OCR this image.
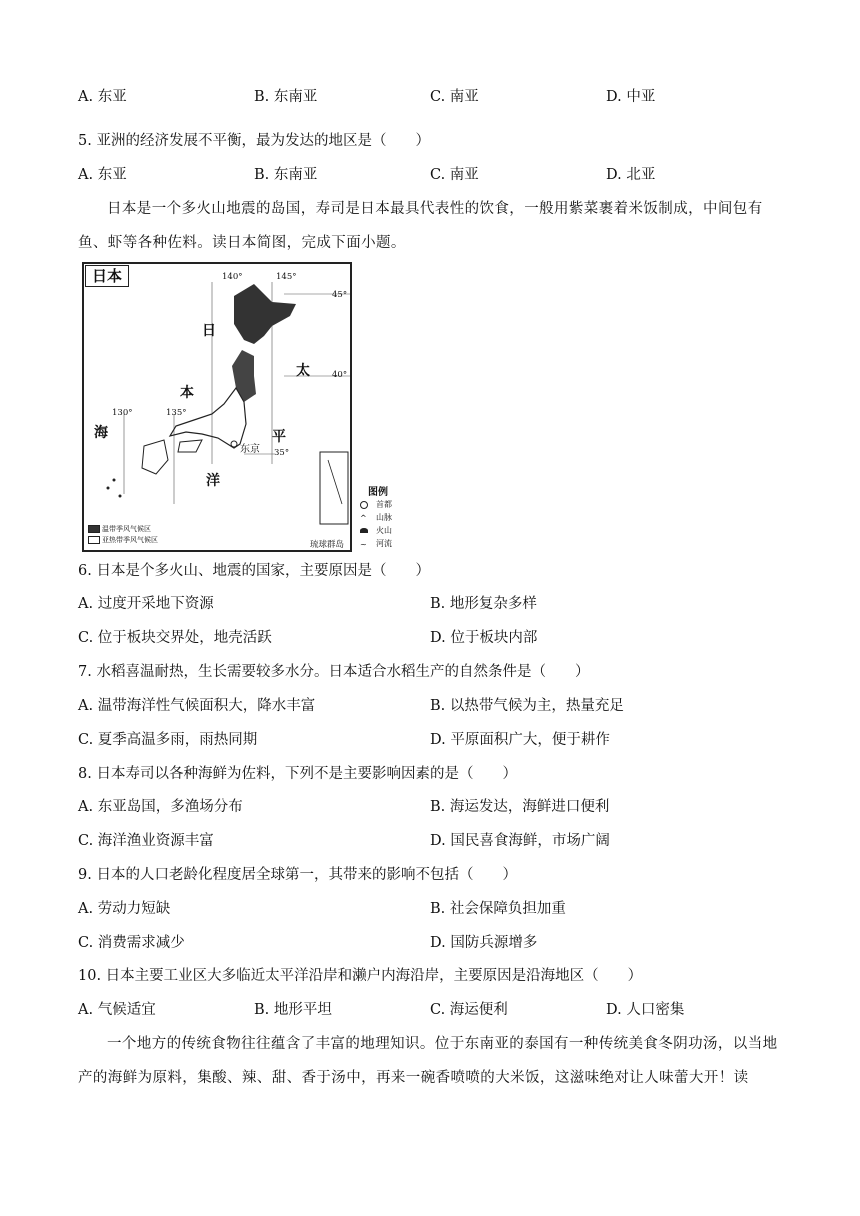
A. 东亚	B. 东南亚	C. 南亚	D. 中亚
5. 亚洲的经济发展不平衡，最为发达的地区是（　　）
A. 东亚	B. 东南亚	C. 南亚	D. 北亚
日本是一个多火山地震的岛国，寿司是日本最具代表性的饮食，一般用紫菜裹着米饭制成，中间包有鱼、虾等各种佐料。读日本简图，完成下面小题。
日本
日
本
海
太
平
洋
140°	145°
45°
40°
130°	135°
35°
东京
琉球群岛
温带季风气候区
亚热带季风气候区
图例
首都
^ 山脉
火山
~ 河流
6. 日本是个多火山、地震的国家，主要原因是（　　）
A. 过度开采地下资源	B. 地形复杂多样
C. 位于板块交界处，地壳活跃	D. 位于板块内部
7. 水稻喜温耐热，生长需要较多水分。日本适合水稻生产的自然条件是（　　）
A. 温带海洋性气候面积大，降水丰富	B. 以热带气候为主，热量充足
C. 夏季高温多雨，雨热同期	D. 平原面积广大，便于耕作
8. 日本寿司以各种海鲜为佐料，下列不是主要影响因素的是（　　）
A. 东亚岛国，多渔场分布	B. 海运发达，海鲜进口便利
C. 海洋渔业资源丰富	D. 国民喜食海鲜，市场广阔
9. 日本的人口老龄化程度居全球第一，其带来的影响不包括（　　）
A. 劳动力短缺	B. 社会保障负担加重
C. 消费需求减少	D. 国防兵源增多
10. 日本主要工业区大多临近太平洋沿岸和濑户内海沿岸，主要原因是沿海地区（　　）
A. 气候适宜	B. 地形平坦	C. 海运便利	D. 人口密集
一个地方的传统食物往往蕴含了丰富的地理知识。位于东南亚的泰国有一种传统美食冬阴功汤，以当地产的海鲜为原料，集酸、辣、甜、香于汤中，再来一碗香喷喷的大米饭，这滋味绝对让人味蕾大开！读
